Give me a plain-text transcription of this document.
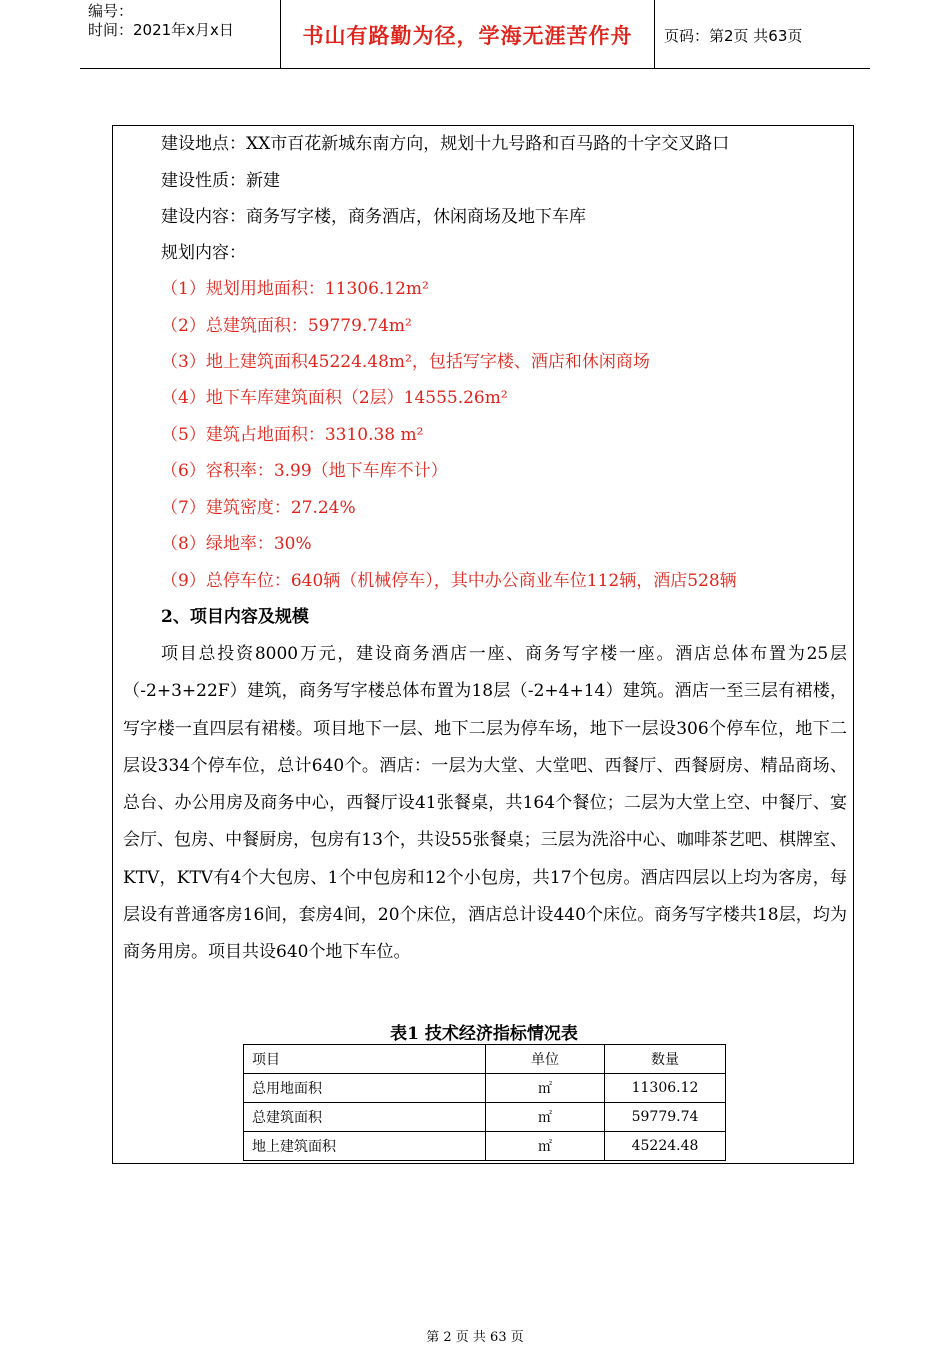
编号：
时间：2021年x月x日	书山有路勤为径，学海无涯苦作舟	页码：第2页 共63页
建设地点：XX市百花新城东南方向，规划十九号路和百马路的十字交叉路口
建设性质：新建
建设内容：商务写字楼，商务酒店，休闲商场及地下车库
规划内容：
（1）规划用地面积：11306.12m²
（2）总建筑面积：59779.74m²
（3）地上建筑面积45224.48m²，包括写字楼、酒店和休闲商场
（4）地下车库建筑面积（2层）14555.26m²
（5）建筑占地面积：3310.38 m²
（6）容积率：3.99（地下车库不计）
（7）建筑密度：27.24%
（8）绿地率：30%
（9）总停车位：640辆（机械停车），其中办公商业车位112辆，酒店528辆
2、项目内容及规模
项目总投资8000万元，建设商务酒店一座、商务写字楼一座。酒店总体布置为25层（-2+3+22F）建筑，商务写字楼总体布置为18层（-2+4+14）建筑。酒店一至三层有裙楼，写字楼一直四层有裙楼。项目地下一层、地下二层为停车场，地下一层设306个停车位，地下二层设334个停车位，总计640个。酒店：一层为大堂、大堂吧、西餐厅、西餐厨房、精品商场、总台、办公用房及商务中心，西餐厅设41张餐桌，共164个餐位；二层为大堂上空、中餐厅、宴会厅、包房、中餐厨房，包房有13个，共设55张餐桌；三层为洗浴中心、咖啡茶艺吧、棋牌室、KTV，KTV有4个大包房、1个中包房和12个小包房，共17个包房。酒店四层以上均为客房，每层设有普通客房16间，套房4间，20个床位，酒店总计设440个床位。商务写字楼共18层，均为商务用房。项目共设640个地下车位。
表1 技术经济指标情况表
项目	单位	数量
总用地面积	㎡	11306.12
总建筑面积	㎡	59779.74
地上建筑面积	㎡	45224.48
第 2 页 共 63 页
